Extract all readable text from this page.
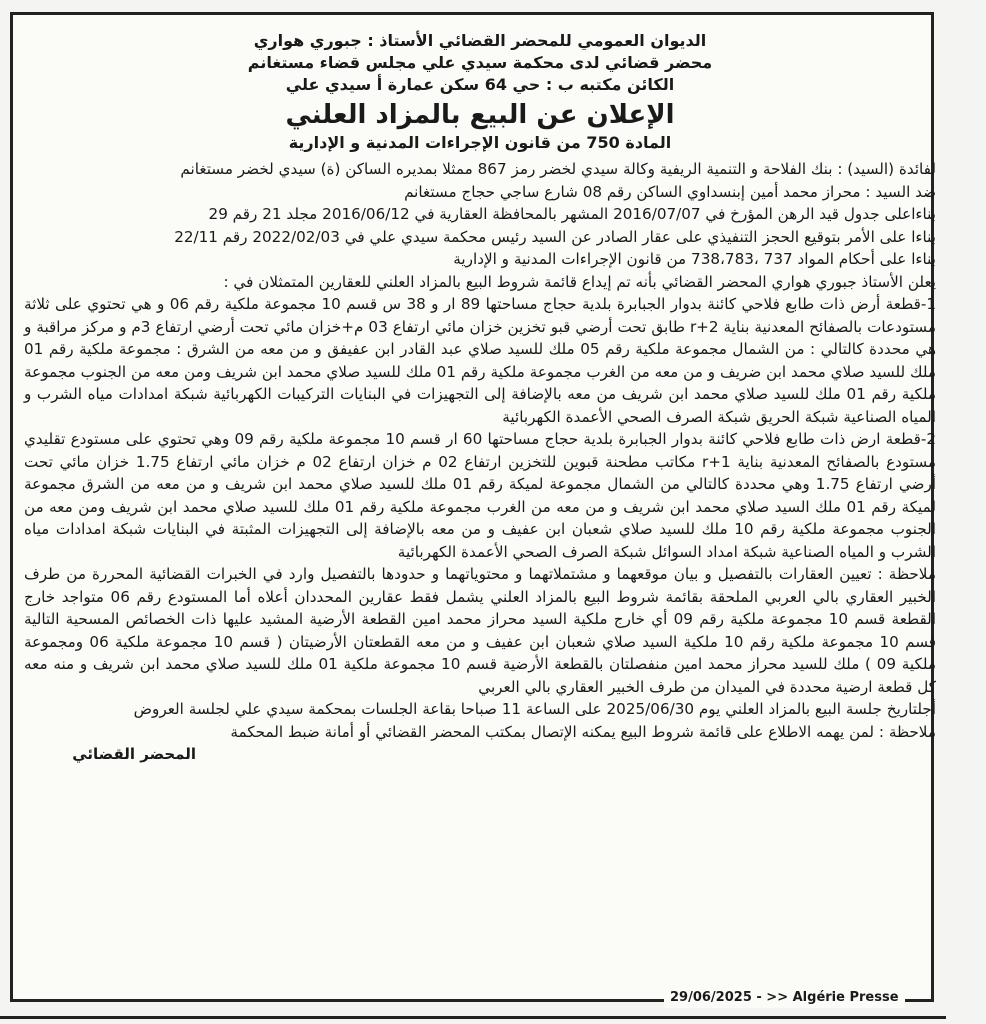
الديوان العمومي للمحضر القضائي الأستاذ : جبوري هواري
محضر قضائي لدى محكمة سيدي علي مجلس قضاء مستغانم
الكائن مكتبه ب : حي 64 سكن عمارة أ سيدي علي
الإعلان عن البيع بالمزاد العلني
المادة 750 من قانون الإجراءات المدنية و الإدارية
لفائدة (السيد) : بنك الفلاحة و التنمية الريفية وكالة سيدي لخضر رمز 867 ممثلا بمديره الساكن (ة) سيدي لخضر مستغانم
ضد السيد : محراز محمد أمين إبنسداوي الساكن رقم 08 شارع ساجي حجاج مستغانم
بناءاعلى جدول قيد الرهن المؤرخ في 2016/07/07 المشهر بالمحافظة العقارية في 2016/06/12 مجلد 21 رقم 29
بناءا على الأمر بتوقيع الحجز التنفيذي على عقار الصادر عن السيد رئيس محكمة سيدي علي في 2022/02/03 رقم 22/11
بناءا على أحكام المواد 737 ،738،783 من قانون الإجراءات المدنية و الإدارية
يعلن الأستاذ جبوري هواري المحضر القضائي بأنه تم إيداع قائمة شروط البيع بالمزاد العلني للعقارين المتمثلان في :
1-قطعة أرض ذات طابع فلاحي كائنة بدوار الجبابرة بلدية حجاج مساحتها 89 ار و 38 س قسم 10 مجموعة ملكية رقم 06 و هي تحتوي على ثلاثة مستودعات بالصفائح المعدنية بناية r+2 طابق تحت أرضي قبو تخزين خزان مائي ارتفاع 03 م+خزان مائي تحت أرضي ارتفاع 3م و مركز مراقبة و هي محددة كالتالي : من الشمال مجموعة ملكية رقم 05 ملك للسيد صلاي عبد القادر ابن عفيفق و من معه من الشرق : مجموعة ملكية رقم 01 ملك للسيد صلاي محمد ابن ضريف و من معه من الغرب مجموعة ملكية رقم 01 ملك للسيد صلاي محمد ابن شريف ومن معه من الجنوب مجموعة ملكية رقم 01 ملك للسيد صلاي محمد ابن شريف من معه بالإضافة إلى التجهيزات في البنايات التركيبات الكهربائية شبكة امدادات مياه الشرب و المياه الصناعية شبكة الحريق شبكة الصرف الصحي الأعمدة الكهربائية
2-قطعة ارض ذات طابع فلاحي كائنة بدوار الجبابرة بلدية حجاج مساحتها 60 ار قسم 10 مجموعة ملكية رقم 09 وهي تحتوي على مستودع تقليدي مستودع بالصفائح المعدنية بناية r+1 مكاتب مطحنة قبوين للتخزين ارتفاع 02 م خزان ارتفاع 02 م خزان مائي ارتفاع 1.75 خزان مائي تحت أرضي ارتفاع 1.75 وهي محددة كالتالي من الشمال مجموعة لميكة رقم 01 ملك للسيد صلاي محمد ابن شريف و من معه من الشرق مجموعة لميكة رقم 01 ملك السيد صلاي محمد ابن شريف و من معه من الغرب مجموعة ملكية رقم 01 ملك للسيد صلاي محمد ابن شريف ومن معه من الجنوب مجموعة ملكية رقم 10 ملك للسيد صلاي شعبان ابن عفيف و من معه بالإضافة إلى التجهيزات المثبتة في البنايات شبكة امدادات مياه الشرب و المياه الصناعية شبكة امداد السوائل شبكة الصرف الصحي الأعمدة الكهربائية
ملاحظة : تعيين العقارات بالتفصيل و بيان موقعهما و مشتملاتهما و محتوياتهما و حدودها بالتفصيل وارد في الخبرات القضائية المحررة من طرف الخبير العقاري بالي العربي الملحقة بقائمة شروط البيع بالمزاد العلني يشمل فقط عقارين المحددان أعلاه أما المستودع رقم 06 متواجد خارج القطعة قسم 10 مجموعة ملكية رقم 09 أي خارج ملكية السيد محراز محمد امين القطعة الأرضية المشيد عليها ذات الخصائص المسحية التالية قسم 10 مجموعة ملكية رقم 10 ملكية السيد صلاي شعبان ابن عفيف و من معه القطعتان الأرضيتان ( قسم 10 مجموعة ملكية 06 ومجموعة ملكية 09 ) ملك للسيد محراز محمد امين منفصلتان بالقطعة الأرضية قسم 10 مجموعة ملكية 01 ملك للسيد صلاي محمد ابن شريف و منه معه كل قطعة ارضية محددة في الميدان من طرف الخبير العقاري بالي العربي
أجلتاريخ جلسة البيع بالمزاد العلني يوم 2025/06/30 على الساعة 11 صباحا بقاعة الجلسات بمحكمة سيدي علي لجلسة العروض
ملاحظة : لمن يهمه الاطلاع على قائمة شروط البيع يمكنه الإتصال بمكتب المحضر القضائي أو أمانة ضبط المحكمة
المحضر القضائي
29/06/2025 - >> Algérie Presse
